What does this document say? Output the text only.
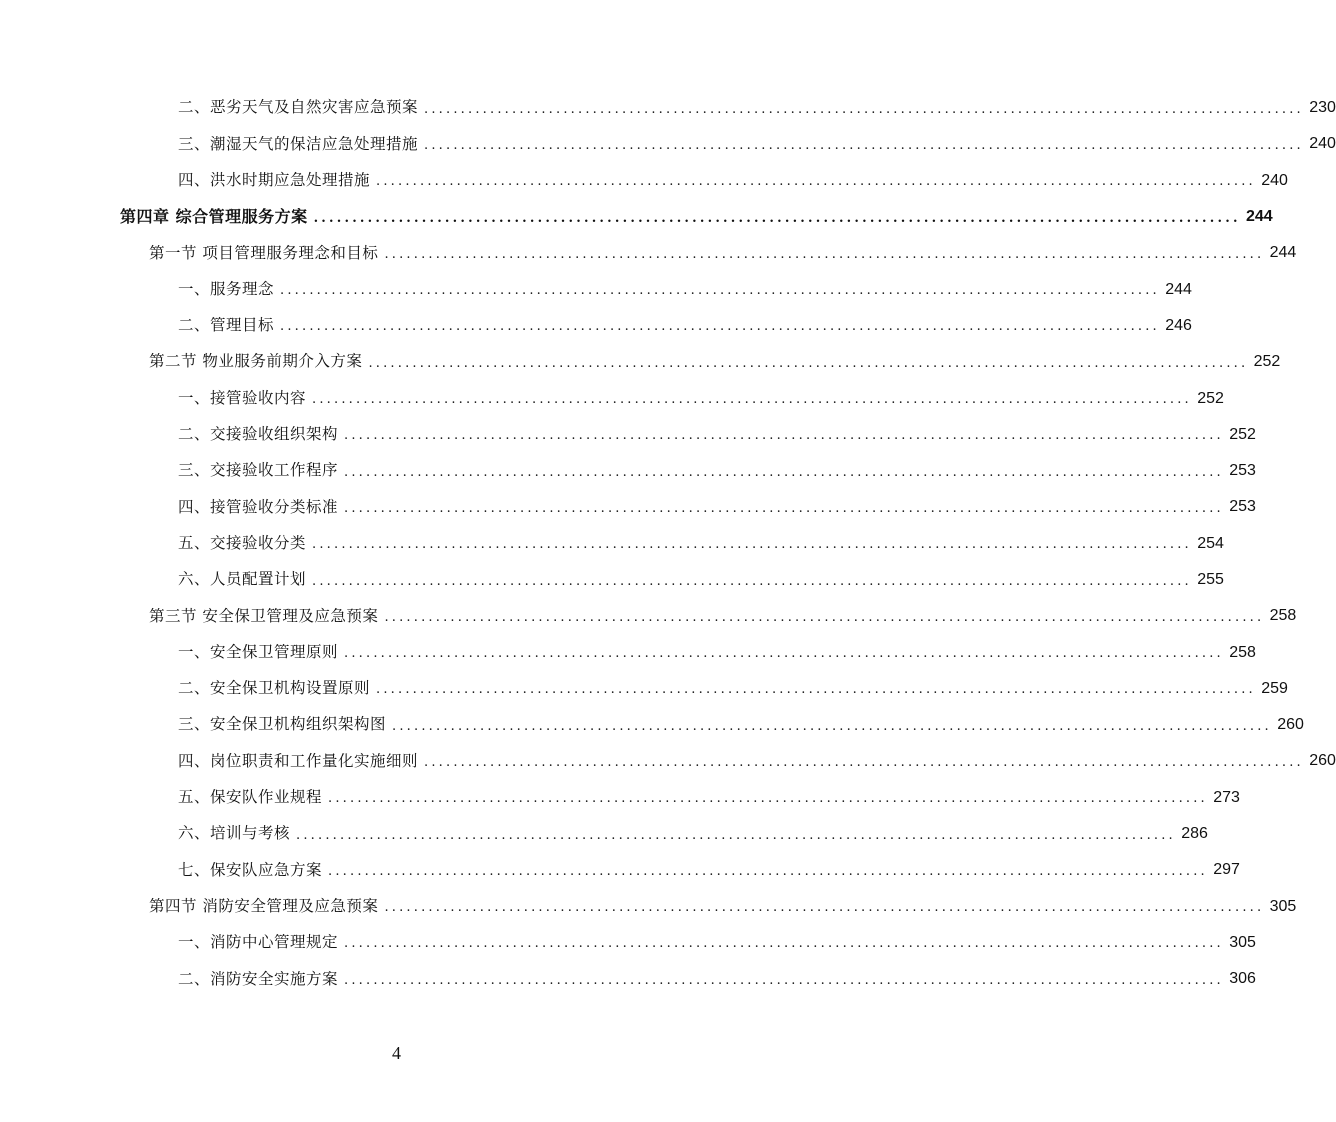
二、恶劣天气及自然灾害应急预案 ........................................................................................................................ 230
三、潮湿天气的保洁应急处理措施 ........................................................................................................................ 240
四、洪水时期应急处理措施 ........................................................................................................................ 240
第四章 综合管理服务方案 ........................................................................................................................ 244
第一节 项目管理服务理念和目标 ........................................................................................................................ 244
一、服务理念 ........................................................................................................................ 244
二、管理目标 ........................................................................................................................ 246
第二节 物业服务前期介入方案 ........................................................................................................................ 252
一、接管验收内容 ........................................................................................................................ 252
二、交接验收组织架构 ........................................................................................................................ 252
三、交接验收工作程序 ........................................................................................................................ 253
四、接管验收分类标准 ........................................................................................................................ 253
五、交接验收分类 ........................................................................................................................ 254
六、人员配置计划 ........................................................................................................................ 255
第三节 安全保卫管理及应急预案 ........................................................................................................................ 258
一、安全保卫管理原则 ........................................................................................................................ 258
二、安全保卫机构设置原则 ........................................................................................................................ 259
三、安全保卫机构组织架构图 ........................................................................................................................ 260
四、岗位职责和工作量化实施细则 ........................................................................................................................ 260
五、保安队作业规程 ........................................................................................................................ 273
六、培训与考核 ........................................................................................................................ 286
七、保安队应急方案 ........................................................................................................................ 297
第四节 消防安全管理及应急预案 ........................................................................................................................ 305
一、消防中心管理规定 ........................................................................................................................ 305
二、消防安全实施方案 ........................................................................................................................ 306
4
